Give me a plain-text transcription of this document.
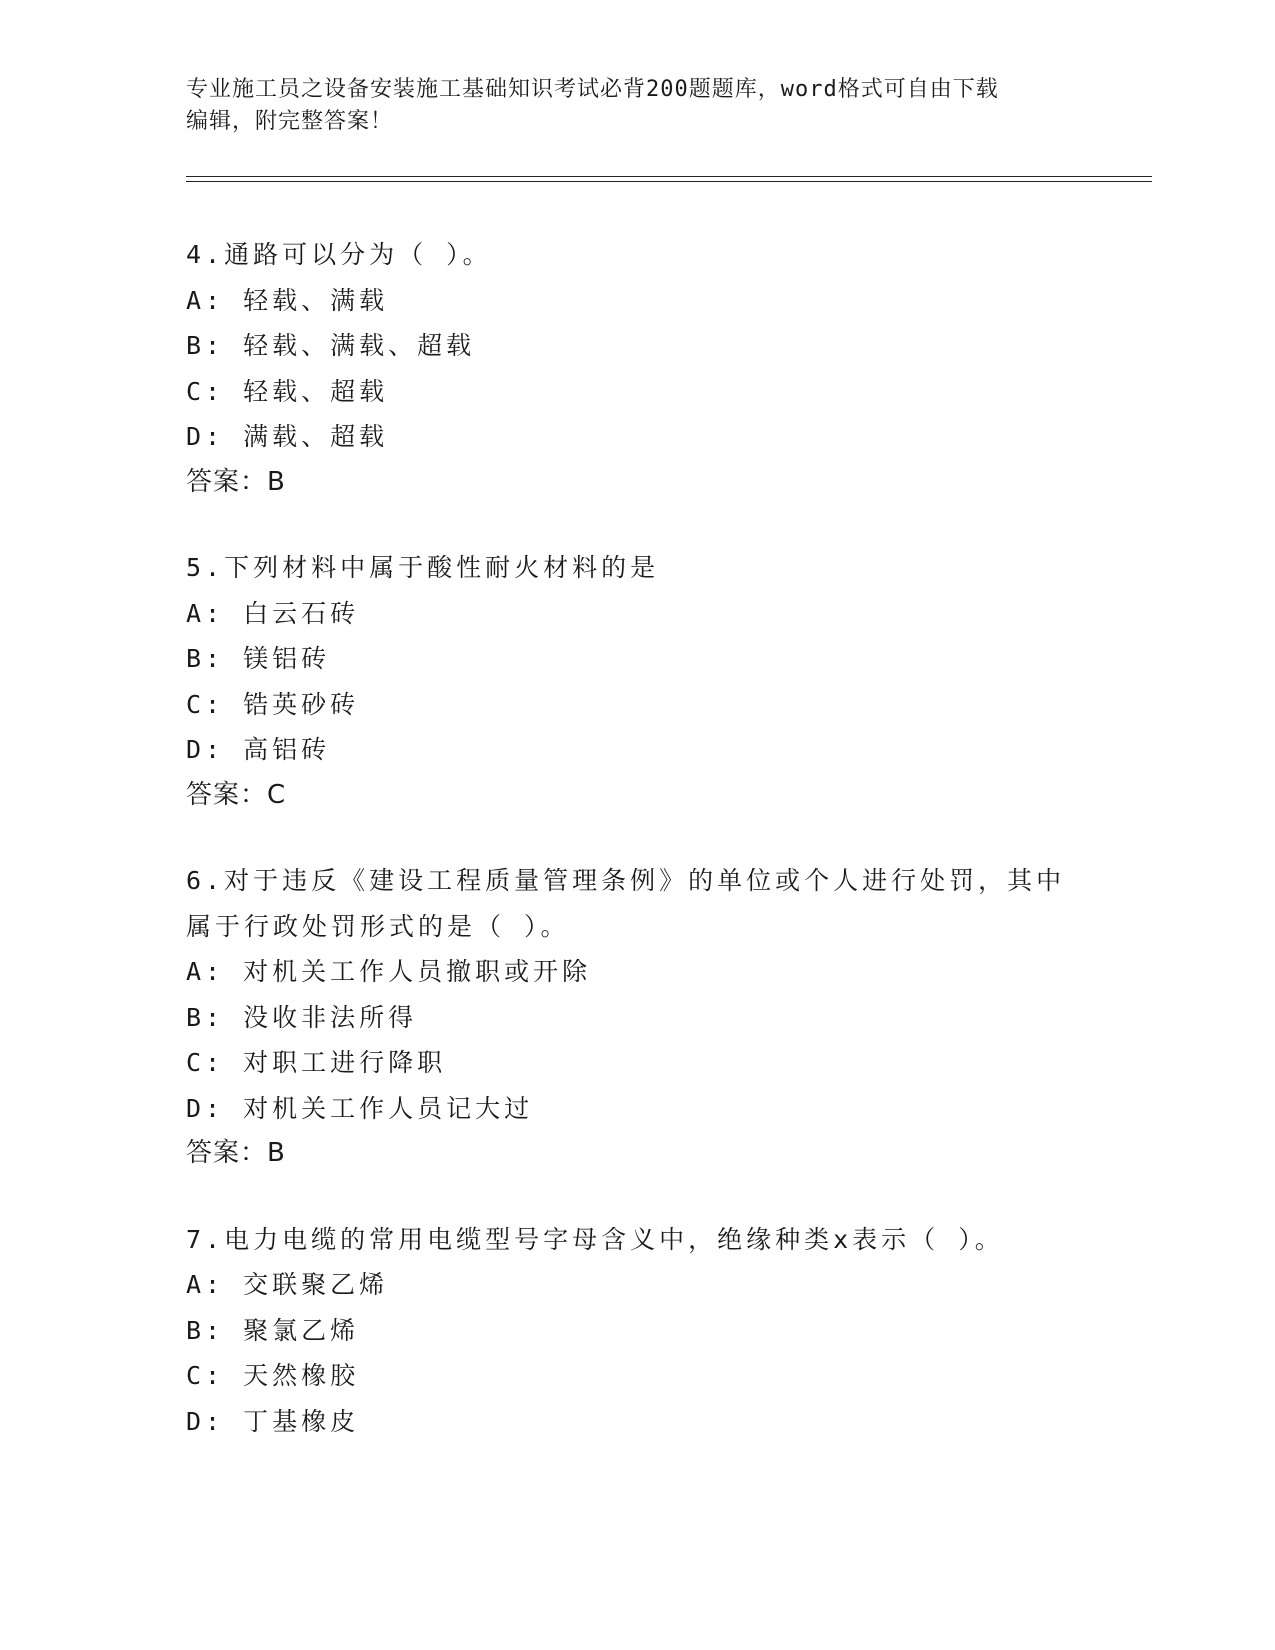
专业施工员之设备安装施工基础知识考试必背200题题库，word格式可自由下载
编辑，附完整答案！
4.通路可以分为（ ）。
A: 轻载、满载
B: 轻载、满载、超载
C: 轻载、超载
D: 满载、超载
答案：B
5.下列材料中属于酸性耐火材料的是
A: 白云石砖
B: 镁铝砖
C: 锆英砂砖
D: 高铝砖
答案：C
6.对于违反《建设工程质量管理条例》的单位或个人进行处罚，其中
属于行政处罚形式的是（ ）。
A: 对机关工作人员撤职或开除
B: 没收非法所得
C: 对职工进行降职
D: 对机关工作人员记大过
答案：B
7.电力电缆的常用电缆型号字母含义中，绝缘种类x表示（ ）。
A: 交联聚乙烯
B: 聚氯乙烯
C: 天然橡胶
D: 丁基橡皮
